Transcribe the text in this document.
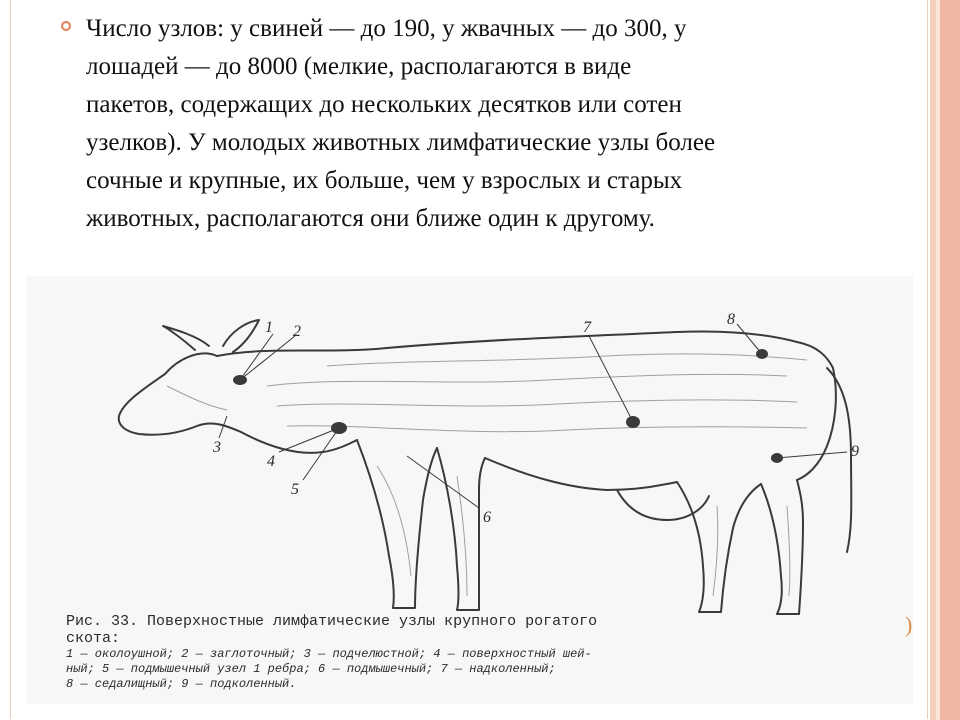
Число узлов: у свиней — до 190, у жвачных — до 300, у
лошадей — до 8000 (мелкие, располагаются в виде
пакетов, содержащих до нескольких десятков или сотен
узелков). У молодых животных лимфатические узлы более
сочные и крупные, их больше, чем у взрослых и старых
животных, располагаются они ближе один к другому.
1 2
3
4
5
6
7	8
9
Рис. 33. Поверхностные лимфатические узлы крупного рогатого
скота:
1 — околоушной; 2 — заглоточный; 3 — подчелюстной; 4 — поверхностный шей-
ный; 5 — подмышечный узел 1 ребра; 6 — подмышечный; 7 — надколенный;
8 — седалищный; 9 — подколенный.
)
